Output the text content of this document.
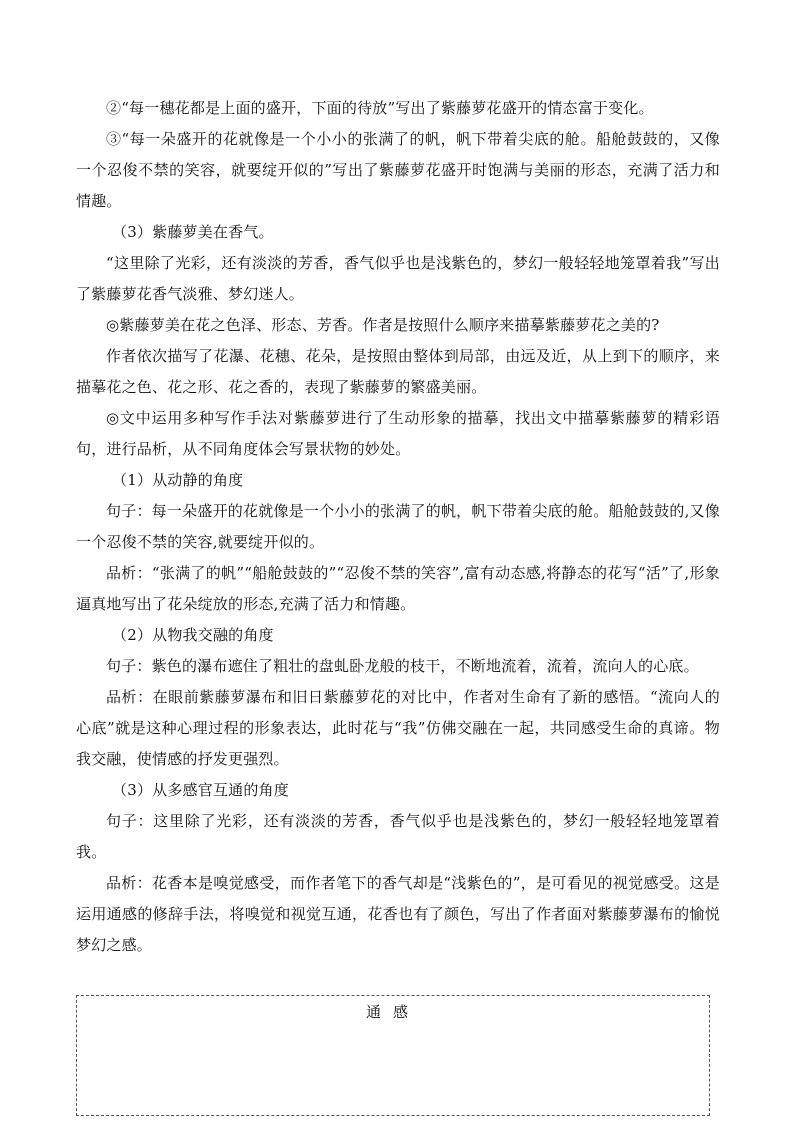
②“每一穗花都是上面的盛开，下面的待放”写出了紫藤萝花盛开的情态富于变化。

③“每一朵盛开的花就像是一个小小的张满了的帆，帆下带着尖底的舱。船舱鼓鼓的，又像一个忍俊不禁的笑容，就要绽开似的”写出了紫藤萝花盛开时饱满与美丽的形态，充满了活力和情趣。

（3）紫藤萝美在香气。

“这里除了光彩，还有淡淡的芳香，香气似乎也是浅紫色的，梦幻一般轻轻地笼罩着我”写出了紫藤萝花香气淡雅、梦幻迷人。

◎紫藤萝美在花之色泽、形态、芳香。作者是按照什么顺序来描摹紫藤萝花之美的?

作者依次描写了花瀑、花穗、花朵，是按照由整体到局部，由远及近，从上到下的顺序，来描摹花之色、花之形、花之香的，表现了紫藤萝的繁盛美丽。

◎文中运用多种写作手法对紫藤萝进行了生动形象的描摹，找出文中描摹紫藤萝的精彩语句，进行品析，从不同角度体会写景状物的妙处。

（1）从动静的角度

句子：每一朵盛开的花就像是一个小小的张满了的帆，帆下带着尖底的舱。船舱鼓鼓的,又像一个忍俊不禁的笑容,就要绽开似的。

品析：“张满了的帆”“船舱鼓鼓的”“忍俊不禁的笑容”,富有动态感,将静态的花写“活”了,形象逼真地写出了花朵绽放的形态,充满了活力和情趣。

（2）从物我交融的角度

句子：紫色的瀑布遮住了粗壮的盘虬卧龙般的枝干，不断地流着，流着，流向人的心底。

品析：在眼前紫藤萝瀑布和旧日紫藤萝花的对比中，作者对生命有了新的感悟。“流向人的心底”就是这种心理过程的形象表达，此时花与“我”仿佛交融在一起，共同感受生命的真谛。物我交融，使情感的抒发更强烈。

（3）从多感官互通的角度

句子：这里除了光彩，还有淡淡的芳香，香气似乎也是浅紫色的，梦幻一般轻轻地笼罩着我。

品析：花香本是嗅觉感受，而作者笔下的香气却是“浅紫色的”，是可看见的视觉感受。这是运用通感的修辞手法，将嗅觉和视觉互通，花香也有了颜色，写出了作者面对紫藤萝瀑布的愉悦梦幻之感。

通感
